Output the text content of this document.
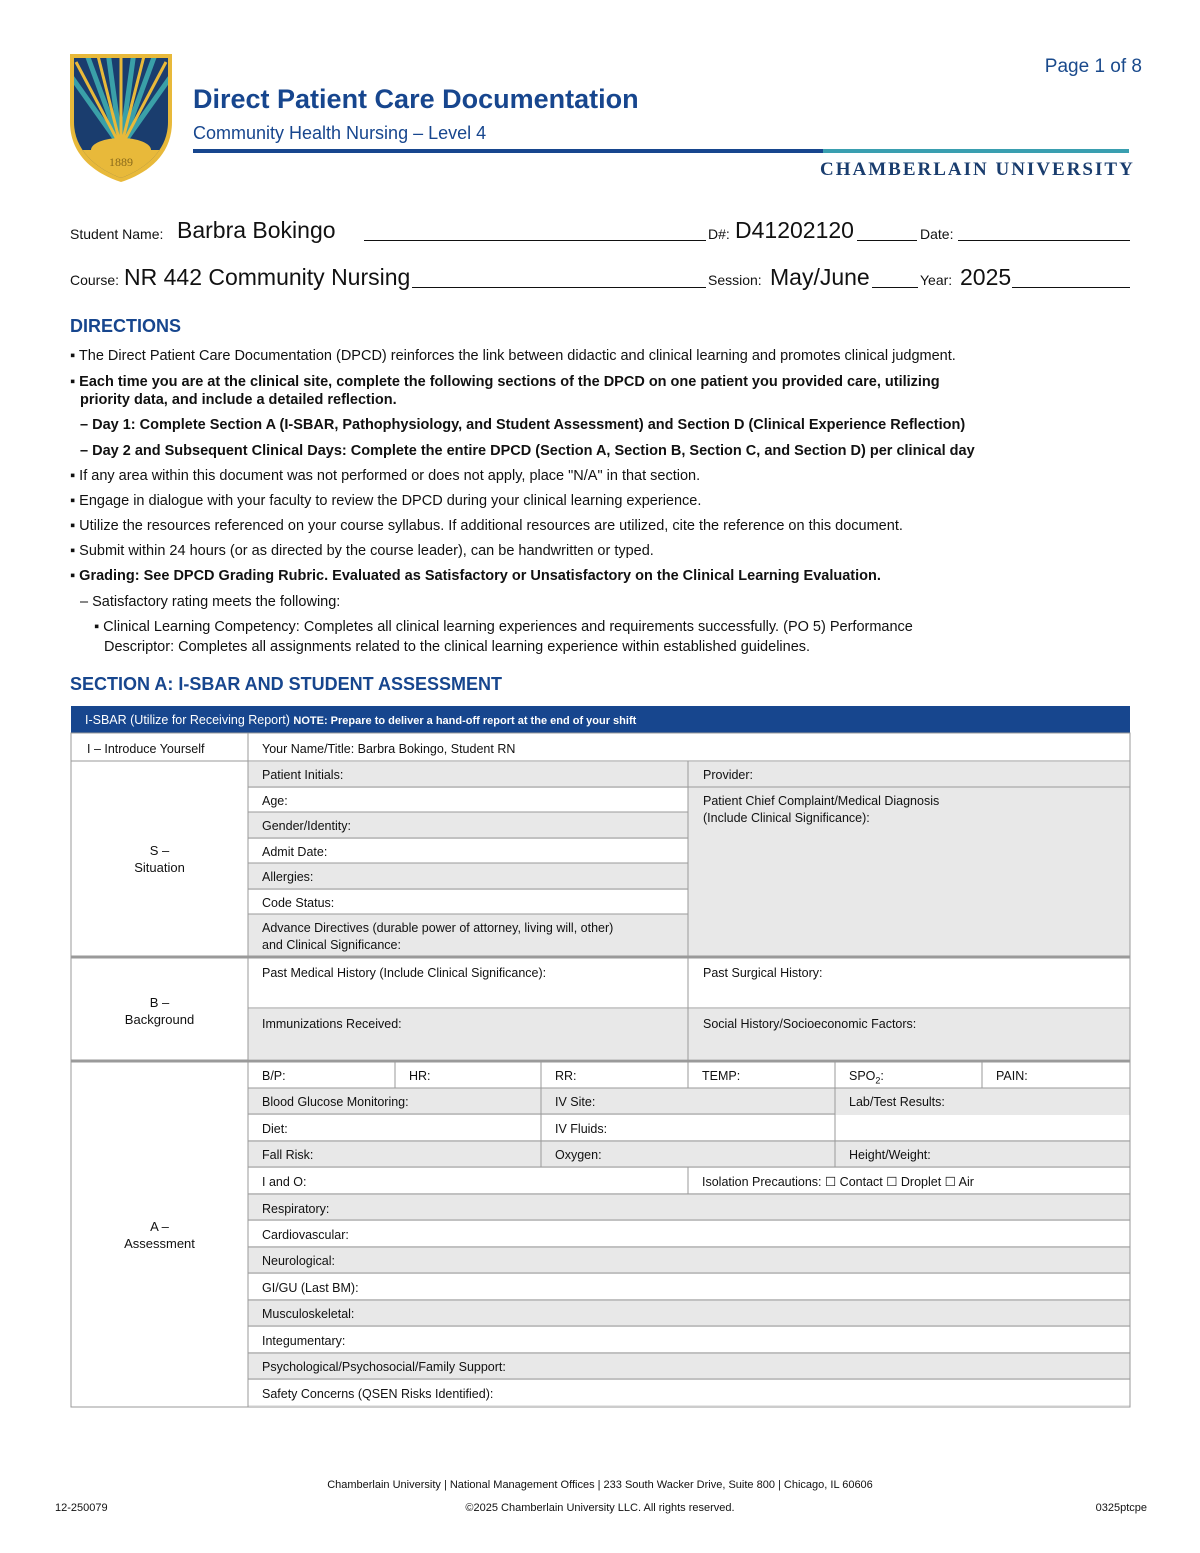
1889
Page 1 of 8
Direct Patient Care Documentation
Community Health Nursing – Level 4
CHAMBERLAIN UNIVERSITY
Student Name: Barbra Bokingo	D#: D41202120	Date:
Course: NR 442 Community Nursing	Session: May/June	Year: 2025
DIRECTIONS
▪ The Direct Patient Care Documentation (DPCD) reinforces the link between didactic and clinical learning and promotes clinical judgment.
▪ Each time you are at the clinical site, complete the following sections of the DPCD on one patient you provided care, utilizing
priority data, and include a detailed reflection.
– Day 1: Complete Section A (I-SBAR, Pathophysiology, and Student Assessment) and Section D (Clinical Experience Reflection)
– Day 2 and Subsequent Clinical Days: Complete the entire DPCD (Section A, Section B, Section C, and Section D) per clinical day
▪ If any area within this document was not performed or does not apply, place "N/A" in that section.
▪ Engage in dialogue with your faculty to review the DPCD during your clinical learning experience.
▪ Utilize the resources referenced on your course syllabus. If additional resources are utilized, cite the reference on this document.
▪ Submit within 24 hours (or as directed by the course leader), can be handwritten or typed.
▪ Grading: See DPCD Grading Rubric. Evaluated as Satisfactory or Unsatisfactory on the Clinical Learning Evaluation.
– Satisfactory rating meets the following:
▪ Clinical Learning Competency: Completes all clinical learning experiences and requirements successfully. (PO 5) Performance
Descriptor: Completes all assignments related to the clinical learning experience within established guidelines.
SECTION A: I-SBAR AND STUDENT ASSESSMENT
I-SBAR (Utilize for Receiving Report) NOTE: Prepare to deliver a hand-off report at the end of your shift
I – Introduce Yourself	Your Name/Title: Barbra Bokingo, Student RN
S –
Situation
Patient Initials:
Age:
Gender/Identity:
Admit Date:
Allergies:
Code Status:
Advance Directives (durable power of attorney, living will, other)
and Clinical Significance:
Provider:
Patient Chief Complaint/Medical Diagnosis
(Include Clinical Significance):
B –
Background
Past Medical History (Include Clinical Significance):	Past Surgical History:
Immunizations Received:	Social History/Socioeconomic Factors:
A –
Assessment
B/P:	HR:	RR:	TEMP:	$SPO_2$:	PAIN:
Blood Glucose Monitoring:	IV Site:	Lab/Test Results:
Diet:	IV Fluids:
Fall Risk:	Oxygen:	Height/Weight:
I and O:	Isolation Precautions: ☐ Contact ☐ Droplet ☐ Air
Respiratory:
Cardiovascular:
Neurological:
GI/GU (Last BM):
Musculoskeletal:
Integumentary:
Psychological/Psychosocial/Family Support:
Safety Concerns (QSEN Risks Identified):
Chamberlain University | National Management Offices | 233 South Wacker Drive, Suite 800 | Chicago, IL 60606
©2025 Chamberlain University LLC. All rights reserved.
12-250079	0325ptcpe
